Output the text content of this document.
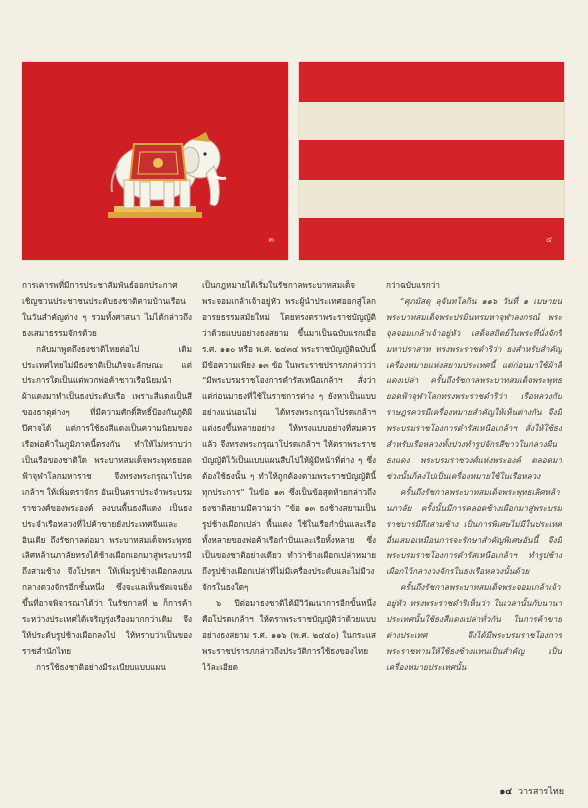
๓	๔

การเคารพที่มีการประชาสัมพันธ์ออกประกาศเชิญชวนประชาชนประดับธงชาติตามบ้านเรือนในวันสำคัญต่าง ๆ รวมทั้งศาสนา ไม่ได้กล่าวถึงธงเสมาธรรมจักรด้วย

กลับมาพูดถึงธงชาติไทยต่อไป เดิมประเทศไทยไม่มีธงชาติเป็นภิจจะลักษณะ แต่ประการใดเป็นแต่พวกพ่อค้าชาวเรือนิยมนำผ้าแดงมาทำเป็นธงประดับเรือ เพราะสีแดงเป็นสีของธาตุต่างๆ ที่มีความศักดิ์สิทธิ์ป้องกันภูติผีปีศาจได้ แต่การใช้ธงสีแดงเป็นความนิยมของเรือพ่อค้าในภูมิภาคนี้ตรงกัน ทำให้ไม่ทราบว่าเป็นเรือของชาติใด พระบาทสมเด็จพระพุทธยอดฟ้าจุฬาโลกมหาราช จึงทรงพระกรุณาโปรดเกล้าฯ ให้เพิ่มตราจักร อันเป็นตราประจำพระบรมราชวงศ์ของพระองค์ ลงบนพื้นธงสีแดง เป็นธงประจำเรือหลวงที่ไปค้าขายยังประเทศจีนและอินเดีย ถึงรัชกาลต่อมา พระบาทสมเด็จพระพุทธเลิศหล้านภาลัยทรงได้ช้างเผือกเอกมาสู่พระบารมีถึงสามช้าง จึงโปรดฯ ให้เพิ่มรูปช้างเผือกลงบนกลางดวงจักรอีกชั้นหนึ่ง ซึ่งจะแลเห็นชัดเจนยิ่งขึ้นที่อาจพิจารณาได้ว่า ในรัชกาลที่ ๒ ก็การค้าระหว่างประเทศได้เจริญรุ่งเรืองมากกว่าเดิม จึงให้ประดับรูปช้างเผือกลงไป ให้ทราบว่าเป็นของราชสำนักไทย

การใช้ธงชาติอย่างมีระเบียบแบบแผน

เป็นกฎหมายได้เริ่มในรัชกาลพระบาทสมเด็จพระจอมเกล้าเจ้าอยู่หัว พระผู้นำประเทศออกสู่โลกอารยธรรมสมัยใหม่ โดยทรงตราพระราชบัญญัติว่าด้วยแบบอย่างธงสยาม ขึ้นมาเป็นฉบับแรกเมื่อ ร.ศ. ๑๑๐ หรือ พ.ศ. ๒๔๓๔ พระราชบัญญัติฉบับนี้มีข้อความเพียง ๑๓ ข้อ ในพระราชปรารภกล่าวว่า “มีพระบรมราชโองการดำรัสเหนือเกล้าฯ สั่งว่า แต่ก่อนมาธงที่ใช้ในราชการต่าง ๆ ยังหาเป็นแบบอย่างแน่นอนไม่ ได้ทรงพระกรุณาโปรดเกล้าฯ แต่งธงขึ้นหลายอย่าง ให้ทรงแบบอย่างที่สมควรแล้ว จึงทรงพระกรุณาโปรดเกล้าฯ ให้ตราพระราชบัญญัติไว้เป็นแบบแผนสืบไปให้ผู้มีหน้าที่ต่าง ๆ ซึ่งต้องใช้ธงนั้น ๆ ทำให้ถูกต้องตามพระราชบัญญัตินี้ทุกประการ” ในข้อ ๑๓ ซึ่งเป็นข้อสุดท้ายกล่าวถึงธงชาติสยามมีความว่า “ข้อ ๑๓ ธงช้างสยามเป็นรูปช้างเผือกเปล่า พื้นแดง ใช้ในเรือกำปั่นและเรือทั้งหลายของพ่อค้าเรือกำปั่นและเรือทั้งหลาย ซึ่งเป็นของชาติอย่างเดียว ทำว่าช้างเผือกเปล่าหมายถึงรูปช้างเผือกเปล่าที่ไม่มีเครื่องประดับและไม่มีวงจักรในธงใดๆ

๖ ปีต่อมาธงชาติได้มีวิวัฒนาการอีกขั้นหนึ่ง คือโปรดเกล้าฯ ให้ตราพระราชบัญญัติว่าด้วยแบบอย่างธงสยาม ร.ศ. ๑๑๖ (พ.ศ. ๒๔๔๐) ในกระแสพระราชปรารภกล่าวถึงประวัติการใช้ธงของไทยไว้ละเอียด

กว่าฉบับแรกว่า

“ศุภมัสดุ ลุจันทโลกิน ๑๑๖ วันที่ ๑ เมษายน พระบาทสมเด็จพระปรมินทรมหาจุฬาลงกรณ์ พระจุลจอมเกล้าเจ้าอยู่หัว เสด็จสถิตย์ในพระที่นั่งจักรีมหาปราสาท ทรงพระราชดำริว่า ธงสำหรับสำคัญเครื่องหมายแห่งสยามประเทศนี้ แต่ก่อนมาใช้ผ้าสีแดงเปล่า ครั้นถึงรัชกาลพระบาทสมเด็จพระพุทธยอดฟ้าจุฬาโลกทรงพระราชดำริว่า เรือหลวงกับราษฎรควรมีเครื่องหมายสำคัญให้เห็นต่างกัน จึงมีพระบรมราชโองการดำรัสเหนือเกล้าฯ สั่งให้ใช้ธงสำหรับเรือหลวงทั้งปวงทำรูปจักรสีขาวในกลางผืนธงแดง พระบรมราชวงศ์แห่งพระองค์ ตลอดมา ช่วงนั้นก็ลงไปเป็นเครื่องหมายใช้ในเรือหลวง

ครั้นถึงรัชกาลพระบาทสมเด็จพระพุทธเลิศหล้านภาลัย ครั้งนั้นมีการคลอดช้างเผือกมาสู่พระบรมราชบารมีถึงสามช้าง เป็นการพิเศษไม่มีในประเทศอื่นเสมอเหมือนการจะรักษาสำคัญพิเศษอันนี้ จึงมีพระบรมราชโองการดำรัสเหนือเกล้าฯ ทำรูปช้างเผือกไว้กลางวงจักรในธงเรือหลวงนั้นด้วย

ครั้นถึงรัชกาลพระบาทสมเด็จพระจอมเกล้าเจ้าอยู่หัว ทรงพระราชดำริเห็นว่า ในเวลานั้นกับนานาประเทศนั้นใช้ธงสีแดงเปล่าทั่วกัน ในการค้าขายต่างประเทศ จึงได้มีพระบรมราชโองการพระราชทานให้ใช้ธงช้างแทนเป็นสำคัญ เป็นเครื่องหมายประเทศนั้น

๑๔ วารสารไทย
